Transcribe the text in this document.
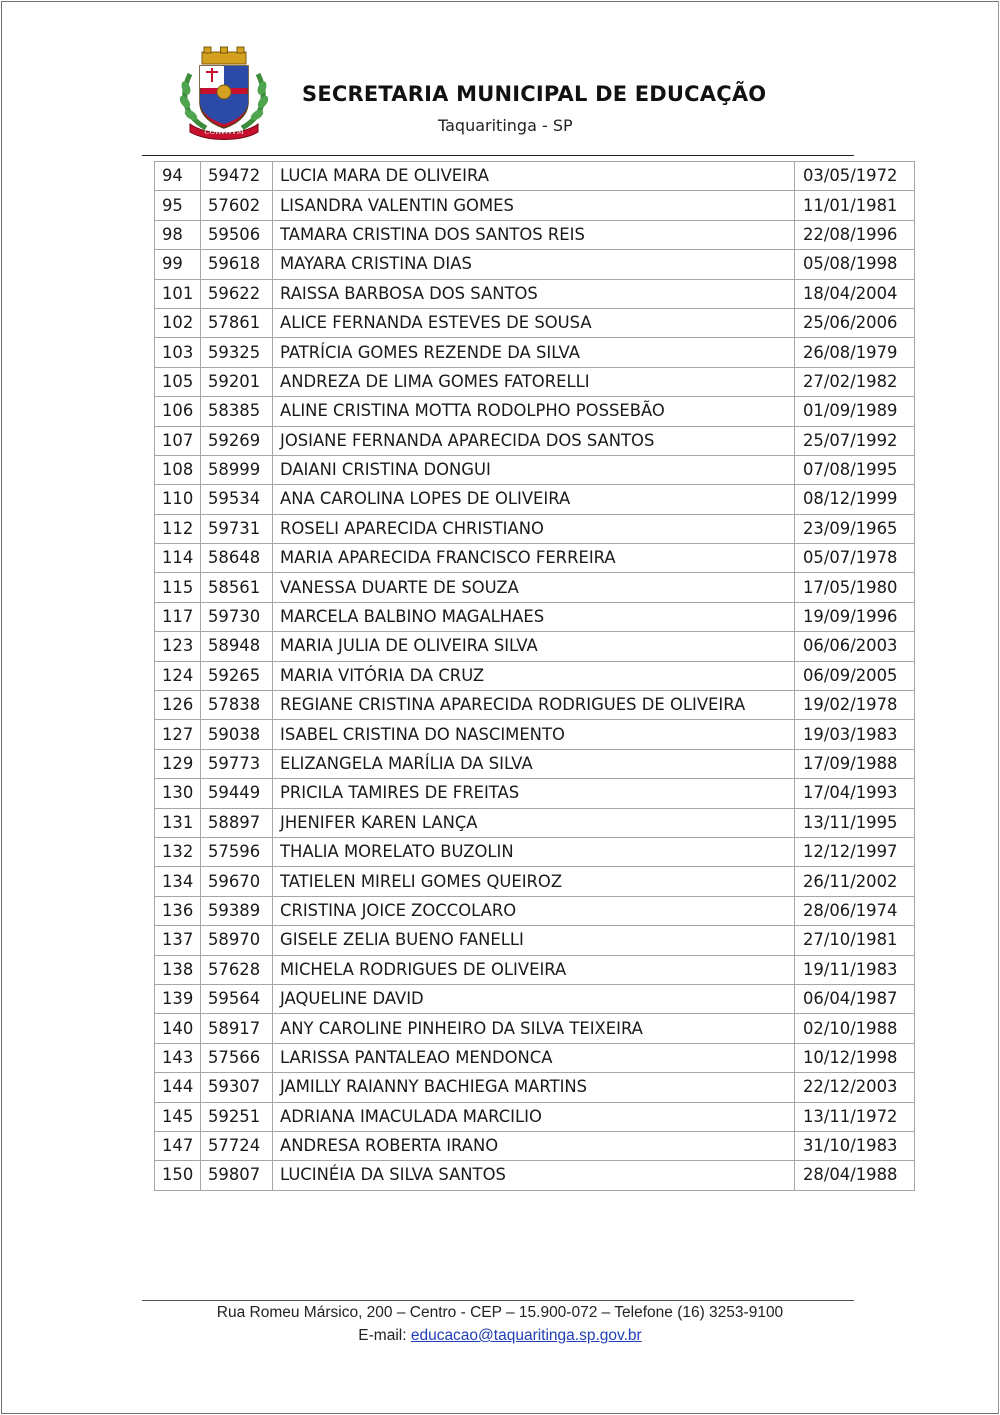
CORVNVM
SECRETARIA MUNICIPAL DE EDUCAÇÃO
Taquaritinga - SP
94	59472	LUCIA MARA DE OLIVEIRA	03/05/1972
95	57602	LISANDRA VALENTIN GOMES	11/01/1981
98	59506	TAMARA CRISTINA DOS SANTOS REIS	22/08/1996
99	59618	MAYARA CRISTINA DIAS	05/08/1998
101	59622	RAISSA BARBOSA DOS SANTOS	18/04/2004
102	57861	ALICE FERNANDA ESTEVES DE SOUSA	25/06/2006
103	59325	PATRÍCIA GOMES REZENDE DA SILVA	26/08/1979
105	59201	ANDREZA DE LIMA GOMES FATORELLI	27/02/1982
106	58385	ALINE CRISTINA MOTTA RODOLPHO POSSEBÃO	01/09/1989
107	59269	JOSIANE FERNANDA APARECIDA DOS SANTOS	25/07/1992
108	58999	DAIANI CRISTINA DONGUI	07/08/1995
110	59534	ANA CAROLINA LOPES DE OLIVEIRA	08/12/1999
112	59731	ROSELI APARECIDA CHRISTIANO	23/09/1965
114	58648	MARIA APARECIDA FRANCISCO FERREIRA	05/07/1978
115	58561	VANESSA DUARTE DE SOUZA	17/05/1980
117	59730	MARCELA BALBINO MAGALHAES	19/09/1996
123	58948	MARIA JULIA DE OLIVEIRA SILVA	06/06/2003
124	59265	MARIA VITÓRIA DA CRUZ	06/09/2005
126	57838	REGIANE CRISTINA APARECIDA RODRIGUES DE OLIVEIRA	19/02/1978
127	59038	ISABEL CRISTINA DO NASCIMENTO	19/03/1983
129	59773	ELIZANGELA MARÍLIA DA SILVA	17/09/1988
130	59449	PRICILA TAMIRES DE FREITAS	17/04/1993
131	58897	JHENIFER KAREN LANÇA	13/11/1995
132	57596	THALIA MORELATO BUZOLIN	12/12/1997
134	59670	TATIELEN MIRELI GOMES QUEIROZ	26/11/2002
136	59389	CRISTINA JOICE ZOCCOLARO	28/06/1974
137	58970	GISELE ZELIA BUENO FANELLI	27/10/1981
138	57628	MICHELA RODRIGUES DE OLIVEIRA	19/11/1983
139	59564	JAQUELINE DAVID	06/04/1987
140	58917	ANY CAROLINE PINHEIRO DA SILVA TEIXEIRA	02/10/1988
143	57566	LARISSA PANTALEAO MENDONCA	10/12/1998
144	59307	JAMILLY RAIANNY BACHIEGA MARTINS	22/12/2003
145	59251	ADRIANA IMACULADA MARCILIO	13/11/1972
147	57724	ANDRESA ROBERTA IRANO	31/10/1983
150	59807	LUCINÉIA DA SILVA SANTOS	28/04/1988
Rua Romeu Mársico, 200 – Centro - CEP – 15.900-072 – Telefone (16) 3253-9100
E-mail: educacao@taquaritinga.sp.gov.br
